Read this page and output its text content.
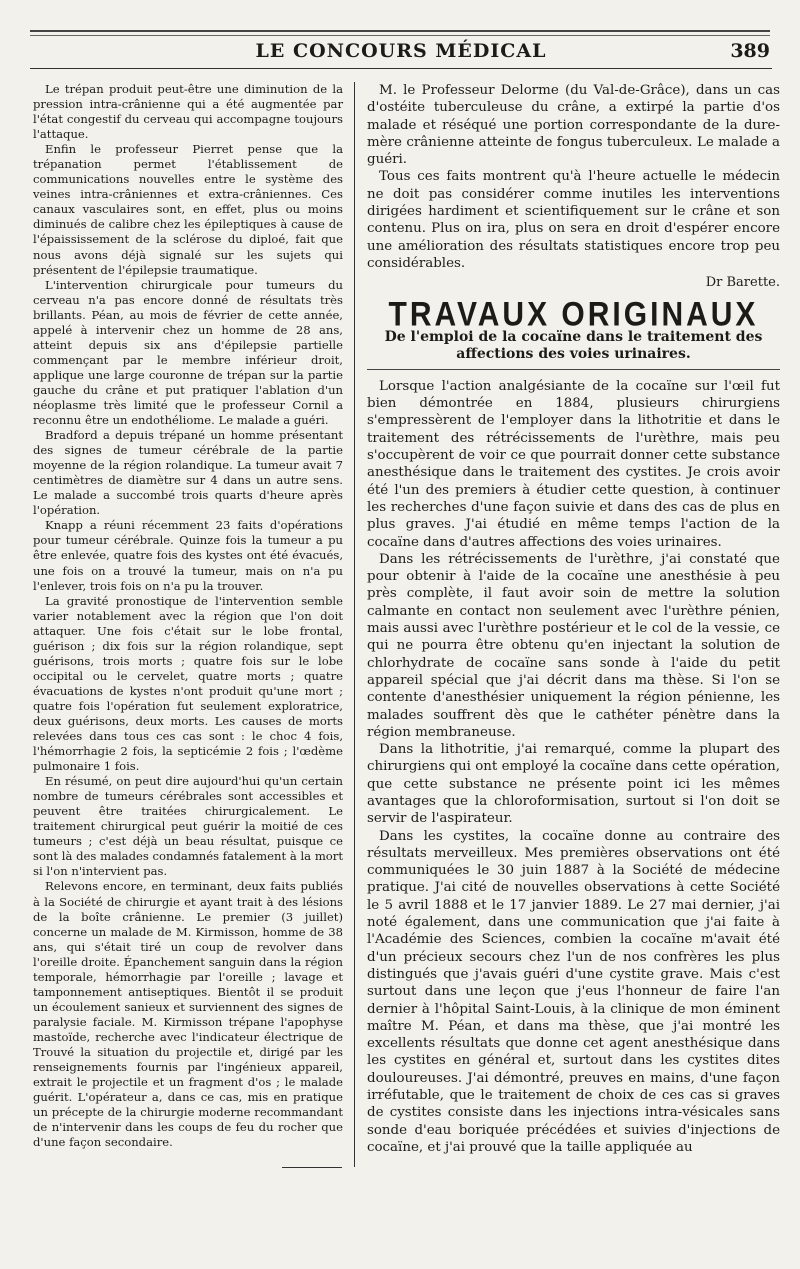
LE CONCOURS MÉDICAL	389

Le trépan produit peut-être une diminution de la pression intra-crânienne qui a été augmentée par l'état congestif du cerveau qui accompagne toujours l'attaque.

Enfin le professeur Pierret pense que la trépanation permet l'établissement de communications nouvelles entre le système des veines intra-crâniennes et extra-crâniennes. Ces canaux vasculaires sont, en effet, plus ou moins diminués de calibre chez les épileptiques à cause de l'épaississement de la sclérose du diploé, fait que nous avons déjà signalé sur les sujets qui présentent de l'épilepsie traumatique.

L'intervention chirurgicale pour tumeurs du cerveau n'a pas encore donné de résultats très brillants. Péan, au mois de février de cette année, appelé à intervenir chez un homme de 28 ans, atteint depuis six ans d'épilepsie partielle commençant par le membre inférieur droit, applique une large couronne de trépan sur la partie gauche du crâne et put pratiquer l'ablation d'un néoplasme très limité que le professeur Cornil a reconnu être un endothéliome. Le malade a guéri.

Bradford a depuis trépané un homme présentant des signes de tumeur cérébrale de la partie moyenne de la région rolandique. La tumeur avait 7 centimètres de diamètre sur 4 dans un autre sens. Le malade a succombé trois quarts d'heure après l'opération.

Knapp a réuni récemment 23 faits d'opérations pour tumeur cérébrale. Quinze fois la tumeur a pu être enlevée, quatre fois des kystes ont été évacués, une fois on a trouvé la tumeur, mais on n'a pu l'enlever, trois fois on n'a pu la trouver.

La gravité pronostique de l'intervention semble varier notablement avec la région que l'on doit attaquer. Une fois c'était sur le lobe frontal, guérison ; dix fois sur la région rolandique, sept guérisons, trois morts ; quatre fois sur le lobe occipital ou le cervelet, quatre morts ; quatre évacuations de kystes n'ont produit qu'une mort ; quatre fois l'opération fut seulement exploratrice, deux guérisons, deux morts. Les causes de morts relevées dans tous ces cas sont : le choc 4 fois, l'hémorrhagie 2 fois, la septicémie 2 fois ; l'œdème pulmonaire 1 fois.

En résumé, on peut dire aujourd'hui qu'un certain nombre de tumeurs cérébrales sont accessibles et peuvent être traitées chirurgicalement. Le traitement chirurgical peut guérir la moitié de ces tumeurs ; c'est déjà un beau résultat, puisque ce sont là des malades condamnés fatalement à la mort si l'on n'intervient pas.

Relevons encore, en terminant, deux faits publiés à la Société de chirurgie et ayant trait à des lésions de la boîte crânienne. Le premier (3 juillet) concerne un malade de M. Kirmisson, homme de 38 ans, qui s'était tiré un coup de revolver dans l'oreille droite. Épanchement sanguin dans la région temporale, hémorrhagie par l'oreille ; lavage et tamponnement antiseptiques. Bientôt il se produit un écoulement sanieux et surviennent des signes de paralysie faciale. M. Kirmisson trépane l'apophyse mastoïde, recherche avec l'indicateur électrique de Trouvé la situation du projectile et, dirigé par les renseignements fournis par l'ingénieux appareil, extrait le projectile et un fragment d'os ; le malade guérit. L'opérateur a, dans ce cas, mis en pratique un précepte de la chirurgie moderne recommandant de n'intervenir dans les coups de feu du rocher que d'une façon secondaire.

M. le Professeur Delorme (du Val-de-Grâce), dans un cas d'ostéite tuberculeuse du crâne, a extirpé la partie d'os malade et réséqué une portion correspondante de la dure-mère crânienne atteinte de fongus tuberculeux. Le malade a guéri.

Tous ces faits montrent qu'à l'heure actuelle le médecin ne doit pas considérer comme inutiles les interventions dirigées hardiment et scientifiquement sur le crâne et son contenu. Plus on ira, plus on sera en droit d'espérer encore une amélioration des résultats statistiques encore trop peu considérables.

Dr Barette.
TRAVAUX ORIGINAUX
De l'emploi de la cocaïne dans le traitement des affections des voies urinaires.

Lorsque l'action analgésiante de la cocaïne sur l'œil fut bien démontrée en 1884, plusieurs chirurgiens s'empressèrent de l'employer dans la lithotritie et dans le traitement des rétrécissements de l'urèthre, mais peu s'occupèrent de voir ce que pourrait donner cette substance anesthésique dans le traitement des cystites. Je crois avoir été l'un des premiers à étudier cette question, à continuer les recherches d'une façon suivie et dans des cas de plus en plus graves. J'ai étudié en même temps l'action de la cocaïne dans d'autres affections des voies urinaires.

Dans les rétrécissements de l'urèthre, j'ai constaté que pour obtenir à l'aide de la cocaïne une anesthésie à peu près complète, il faut avoir soin de mettre la solution calmante en contact non seulement avec l'urèthre pénien, mais aussi avec l'urèthre postérieur et le col de la vessie, ce qui ne pourra être obtenu qu'en injectant la solution de chlorhydrate de cocaïne sans sonde à l'aide du petit appareil spécial que j'ai décrit dans ma thèse. Si l'on se contente d'anesthésier uniquement la région pénienne, les malades souffrent dès que le cathéter pénètre dans la région membraneuse.

Dans la lithotritie, j'ai remarqué, comme la plupart des chirurgiens qui ont employé la cocaïne dans cette opération, que cette substance ne présente point ici les mêmes avantages que la chloroformisation, surtout si l'on doit se servir de l'aspirateur.

Dans les cystites, la cocaïne donne au contraire des résultats merveilleux. Mes premières observations ont été communiquées le 30 juin 1887 à la Société de médecine pratique. J'ai cité de nouvelles observations à cette Société le 5 avril 1888 et le 17 janvier 1889. Le 27 mai dernier, j'ai noté également, dans une communication que j'ai faite à l'Académie des Sciences, combien la cocaïne m'avait été d'un précieux secours chez l'un de nos confrères les plus distingués que j'avais guéri d'une cystite grave. Mais c'est surtout dans une leçon que j'eus l'honneur de faire l'an dernier à l'hôpital Saint-Louis, à la clinique de mon éminent maître M. Péan, et dans ma thèse, que j'ai montré les excellents résultats que donne cet agent anesthésique dans les cystites en général et, surtout dans les cystites dites douloureuses. J'ai démontré, preuves en mains, d'une façon irréfutable, que le traitement de choix de ces cas si graves de cystites consiste dans les injections intra-vésicales sans sonde d'eau boriquée précédées et suivies d'injections de cocaïne, et j'ai prouvé que la taille appliquée au
